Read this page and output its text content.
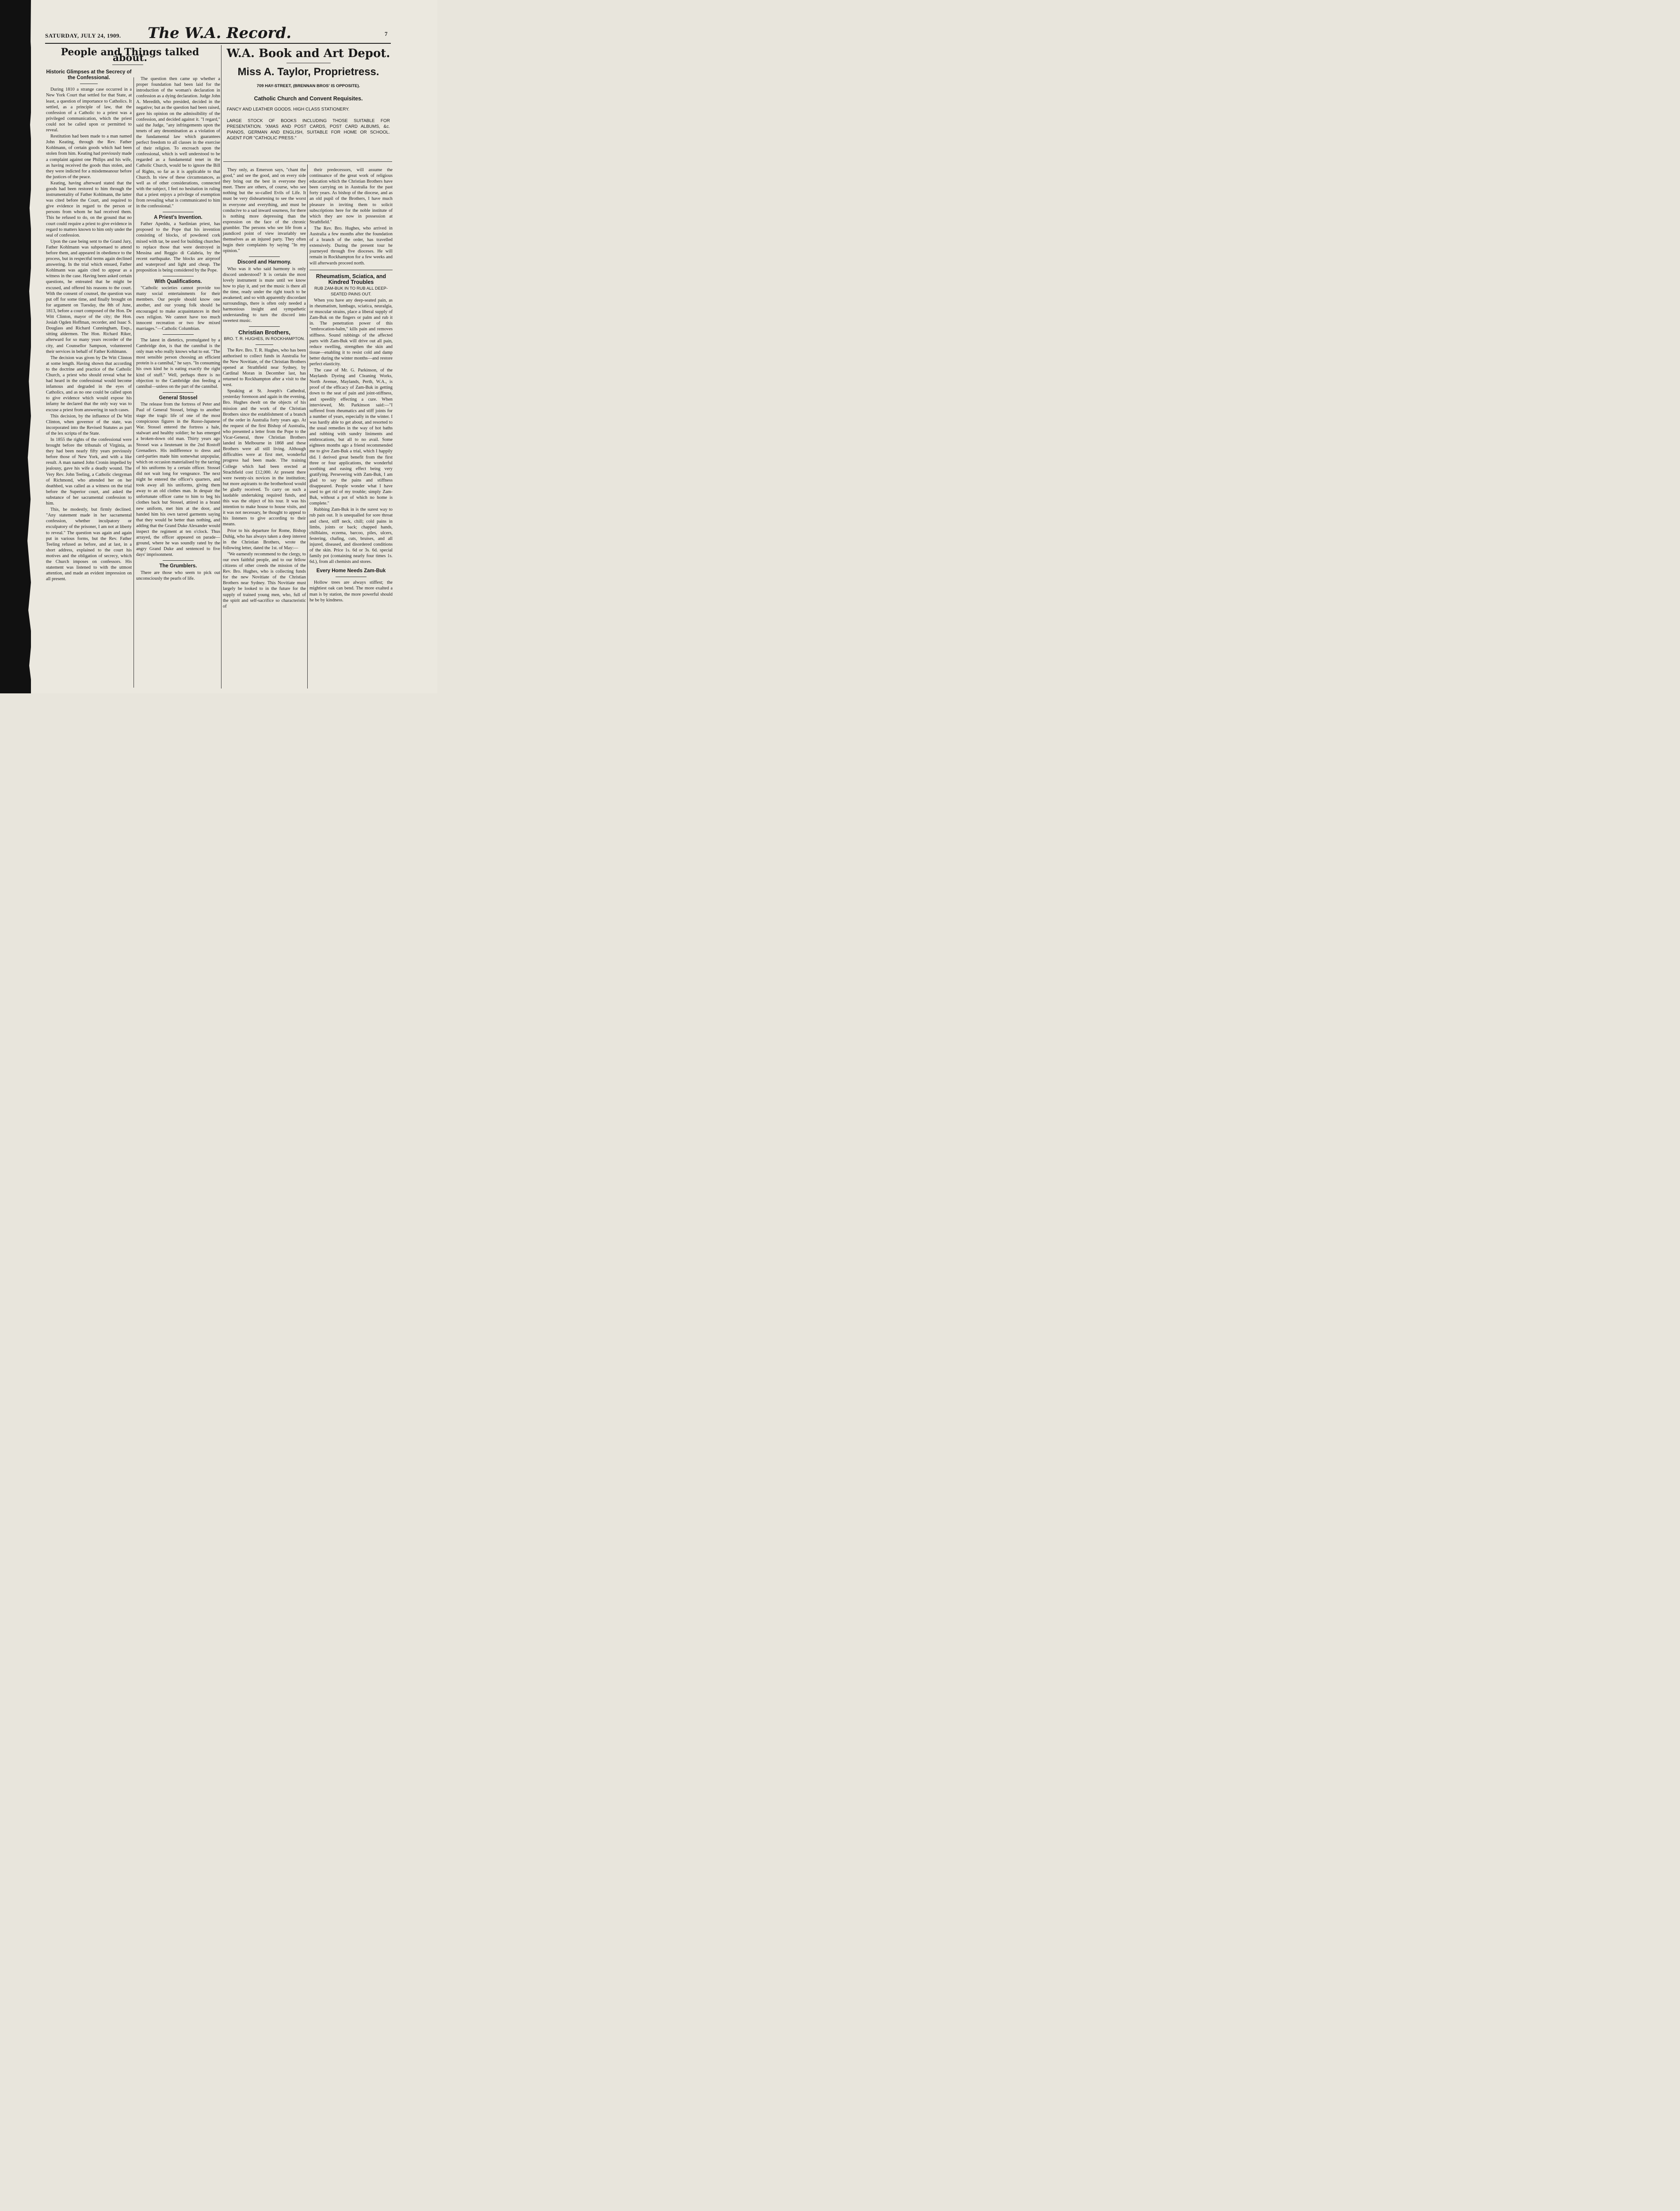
SATURDAY, JULY 24, 1909. The W.A. Record.	7
People and Things talked about.

Historic Glimpses at the Secrecy of the Confessional.

During 1810 a strange case occurred in a New York Court that settled for that State, at least, a question of importance to Catholics. It settled, as a principle of law, that the confession of a Catholic to a priest was a privileged communication, which the priest could not be called upon or permitted to reveal.

Restitution had been made to a man named John Keating, through the Rev. Father Kohlmann, of certain goods which had been stolen from him. Keating had previously made a complaint against one Philips and his wife, as having received the goods thus stolen, and they were indicted for a misdemeanour before the justices of the peace.

Keating, having afterward stated that the goods had been restored to him through the instrumentality of Father Kohlmann, the latter was cited before the Court, and required to give evidence in regard to the person or persons from whom he had received them. This he refused to do, on the ground that no court could require a priest to give evidence in regard to matters known to him only under the seal of confession.

Upon the case being sent to the Grand Jury, Father Kohlmann was subpoenaed to attend before them, and appeared in obedience to the process, but in respectful terms again declined answering. In the trial which ensued, Father Kohlmann was again cited to appear as a witness in the case. Having been asked certain questions, he entreated that he might be excused, and offered his reasons to the court. With the consent of counsel, the question was put off for some time, and finally brought on for argument on Tuesday, the 8th of June, 1813, before a court composed of the Hon. De Witt Clinton, mayor of the city; the Hon. Josiah Ogden Hoffman, recorder, and Isaac S. Douglass and Richard Cunningham, Esqs., sitting aldermen. The Hon. Richard Riker, afterward for so many years recorder of the city, and Counsellor Sampson, volunteered their services in behalf of Father Kohlmann.

The decision was given by De Witt Clinton at some length. Having shown that according to the doctrine and practice of the Catholic Church, a priest who should reveal what he had heard in the confessional would become infamous and degraded in the eyes of Catholics, and as no one could be called upon to give evidence which would expose his infamy he declared that the only way was to excuse a priest from answering in such cases.

This decision, by the influence of De Witt Clinton, when governor of the state, was incorporated into the Revised Statutes as part of the lex scripta of the State.

In 1855 the rights of the confessional were brought before the tribunals of Virginia, as they had been nearly fifty years previously before those of New York, and with a like result. A man named John Cronin impelled by jealousy, gave his wife a deadly wound. The Very Rev. John Teeling, a Catholic clergyman of Richmond, who attended her on her deathbed, was called as a witness on the trial before the Superior court, and asked the substance of her sacramental confession to him.

This, he modestly, but firmly declined. "Any statement made in her sacramental confession, whether inculpatory or exculpatory of the prisoner, I am not at liberty to reveal." The question was again and again put in various forms, but the Rev. Father Teeling refused as before, and at last, in a short address, explained to the court his motives and the obligation of secrecy, which the Church imposes on confessors. His statement was listened to with the utmost attention, and made an evident impression on all present.

The question then came up whether a proper foundation had been laid for the introduction of the woman's declaration in confession as a dying declaration. Judge John A. Meredith, who presided, decided in the negative; but as the question had been raised, gave his opinion on the admissibility of the confession, and decided against it. "I regard," said the Judge, "any infringements upon the tenets of any denomination as a violation of the fundamental law which guarantees perfect freedom to all classes in the exercise of their religion. To encroach upon the confessional, which is well understood to be regarded as a fundamental tenet in the Catholic Church, would be to ignore the Bill of Rights, so far as it is applicable to that Church. In view of these circumstances, as well as of other considerations, connected with the subject, I feel no hesitation in ruling that a priest enjoys a privilege of exemption from revealing what is communicated to him in the confessional."

A Priest's Invention.

Father Apeddu, a Sardinian priest, has proposed to the Pope that his invention consisting of blocks, of powdered cork mixed with tar, be used for building churches to replace those that were destroyed in Messina and Reggio di Calabria, by the recent earthquake. The blocks are airproof and waterproof and light and cheap. The proposition is being considered by the Pope.

With Qualifications.

"Catholic societies cannot provide too many social entertainments for their members. Our people should know one another, and our young folk should be encouraged to make acquaintances in their own religion. We cannot have too much innocent recreation or two few mixed marriages."—Catholic Columbian.

The latest in dietetics, promulgated by a Cambridge don, is that the cannibal is the only man who really knows what to eat. "The most sensible person choosing an efficient protein is a cannibal," he says. "In consuming his own kind he is eating exactly the right kind of stuff." Well, perhaps there is no objection to the Cambridge don feeding a cannibal—unless on the part of the cannibal.

General Stossel

The release from the fortress of Peter and Paul of General Stossel, brings to another stage the tragic life of one of the most conspicuous figures in the Russo-Japanese War. Stossel entered the fortress a hale, stalwart and healthy soldier; he has emerged a broken-down old man. Thirty years ago Stossel was a lieutenant in the 2nd Rostoff Grenadiers. His indifference to dress and card-parties made him somewhat unpopular, which on occasion materialised by the tarring of his uniforms by a certain officer. Stossel did not wait long for vengeance. The next night he entered the officer's quarters, and took away all his uniforms, giving them away to an old clothes man. In despair the unfortunate officer came to him to beg his clothes back but Stossel, attired in a brand new uniform, met him at the door, and handed him his own tarred garments saying that they would be better than nothing, and adding that the Grand Duke Alexander would inspect the regiment at ten o'clock. Thus arrayed, the officer appeared on parade—ground, where he was soundly rated by the angry Grand Duke and sentenced to five days' imprisonment.

The Grumblers.

There are those who seem to pick out unconsciously the pearls of life.

W.A. Book and Art Depot.
Miss A. Taylor, Proprietress.
709 HAY-STREET, (BRENNAN BROS' IS OPPOSITE).
Catholic Church and Convent Requisites.
FANCY AND LEATHER GOODS. HIGH CLASS STATIONERY.
LARGE STOCK OF BOOKS INCLUDING THOSE SUITABLE FOR PRESENTATION. 'XMAS AND POST CARDS, POST CARD ALBUMS, &c. PIANOS, GERMAN AND ENGLISH, SUITABLE FOR HOME OR SCHOOL. AGENT FOR "CATHOLIC PRESS."

They only, as Emerson says, "chant the good," and see the good, and on every side they bring out the best in everyone they meet. There are others, of course, who see nothing but the so-called Evils of Life. It must be very disheartening to see the worst in everyone and everything, and must be conducive to a sad inward sourness, for there is nothing more depressing than the expression on the face of the chronic grumbler. The persons who see life from a jaundiced point of view invariably see themselves as an injured party. They often begin their complaints by saying "In my opinion."

Discord and Harmony.

Who was it who said harmony is only discord understood? It is certain the most lovely instrument is mute until we know how to play it, and yet the music is there all the time, ready under the right touch to be awakened; and so with apparently discordant surroundings, there is often only needed a harmonious insight and sympathetic understanding to turn the discord into sweetest music.

Christian Brothers,

BRO. T. R. HUGHES, IN ROCKHAMPTON.

The Rev. Bro. T. R. Hughes, who has been authorised to collect funds in Australia for the New Novitiate, of the Christian Brothers opened at Strathfield near Sydney, by Cardinal Moran in December last, has returned to Rockhampton after a visit to the west.

Speaking at St. Joseph's Cathedral, yesterday forenoon and again in the evening, Bro. Hughes dwelt on the objects of his mission and the work of the Christian Brothers since the establishment of a branch of the order in Australia forty years ago. At the request of the first Bishop of Australia, who presented a letter from the Pope to the Vicar-General, three Christian Brothers landed in Melbourne in 1868 and these Brothers were all still living. Although difficulties were at first met, wonderful progress had been made. The training College which had been erected at Strachfield cost £12,000. At present there were twenty-six novices in the institution; but more aspirants to the brotherhood would be gladly received. To carry on such a laudable undertaking required funds, and this was the object of his tour. It was his intention to make house to house visits, and it was not necessary, he thought to appeal to his listeners to give according to their means.

Prior to his departure for Rome, Bishop Duhig, who has always taken a deep interest in the Christian Brothers, wrote the following letter, dated the 1st. of May:—

"We earnestly recommend to the clergy, to our own faithful people, and to our fellow citizens of other creeds the mission of the Rev. Bro. Hughes, who is collecting funds for the new Novitiate of the Christian Brothers near Sydney. This Novitiate must largely be looked to in the future for the supply of trained young men, who, full of the spirit and self-sacrifice so characteristic of

their predecessors, will assume the continuance of the great work of religious education which the Christian Brothers have been carrying on in Australia for the past forty years. As bishop of the diocese, and as an old pupil of the Brothers, I have much pleasure in inviting them to solicit subscriptions here for the noble institute of which they are now in possession at Strathfield."

The Rev. Bro. Hughes, who arrived in Australia a few months after the foundation of a branch of the order, has travelled extensively. During the present tour he journeyed through five dioceses. He will remain in Rockhampton for a few weeks and will afterwards proceed north.

Rheumatism, Sciatica, and Kindred Troubles

RUB ZAM-BUK IN TO RUB ALL DEEP-SEATED PAINS OUT.

When you have any deep-seated pain, as in rheumatism, lumbago, sciatica, neuralgia, or muscular strains, place a liberal supply of Zam-Buk on the fingers or palm and rub it in. The penetration power of this "embrocation-balm," kills pain and removes stiffness. Sound rubbings of the affected parts with Zam-Buk will drive out all pain, reduce swelling, strengthen the skin and tissue—enabling it to resist cold and damp better during the winter months—and restore perfect elasticity.

The case of Mr. G. Parkinson, of the Maylands Dyeing and Cleaning Works, North Avenue, Maylands, Perth, W.A., is proof of the efficacy of Zam-Buk in getting down to the seat of pain and joint-stiffness, and speedily effecting a cure. When interviewed, Mr. Parkinson said:—"I suffered from rheumatics and stiff joints for a number of years, especially in the winter. I was hardly able to get about, and resorted to the usual remedies in the way of hot baths and rubbing with sundry liniments and embrocations, but all to no avail. Some eighteen months ago a friend recommended me to give Zam-Buk a trial, which I happily did. I derived great benefit from the first three or four applications, the wonderful soothing and easing effect being very gratifying. Persevering with Zam-Buk, I am glad to say the pains and stiffness disappeared. People wonder what I have used to get rid of my trouble; simply Zam-Buk, without a pot of which no home is complete."

Rubbing Zam-Buk in is the surest way to rub pain out. It is unequalled for sore throat and chest, stiff neck, chill; cold pains in limbs, joints or back; chapped hands, chilblains, eczema, barcoo, piles, ulcers, festering, chafing, cuts, bruises, and all injured, diseased, and disordered conditions of the skin. Price 1s. 6d or 3s. 6d. special family pot (containing nearly four times 1s. 6d.), from all chemists and stores.

Every Home Needs Zam-Buk

Hollow trees are always stiffest; the mightiest oak can bend. The more exalted a man is by station, the more powerful should he be by kindness.
